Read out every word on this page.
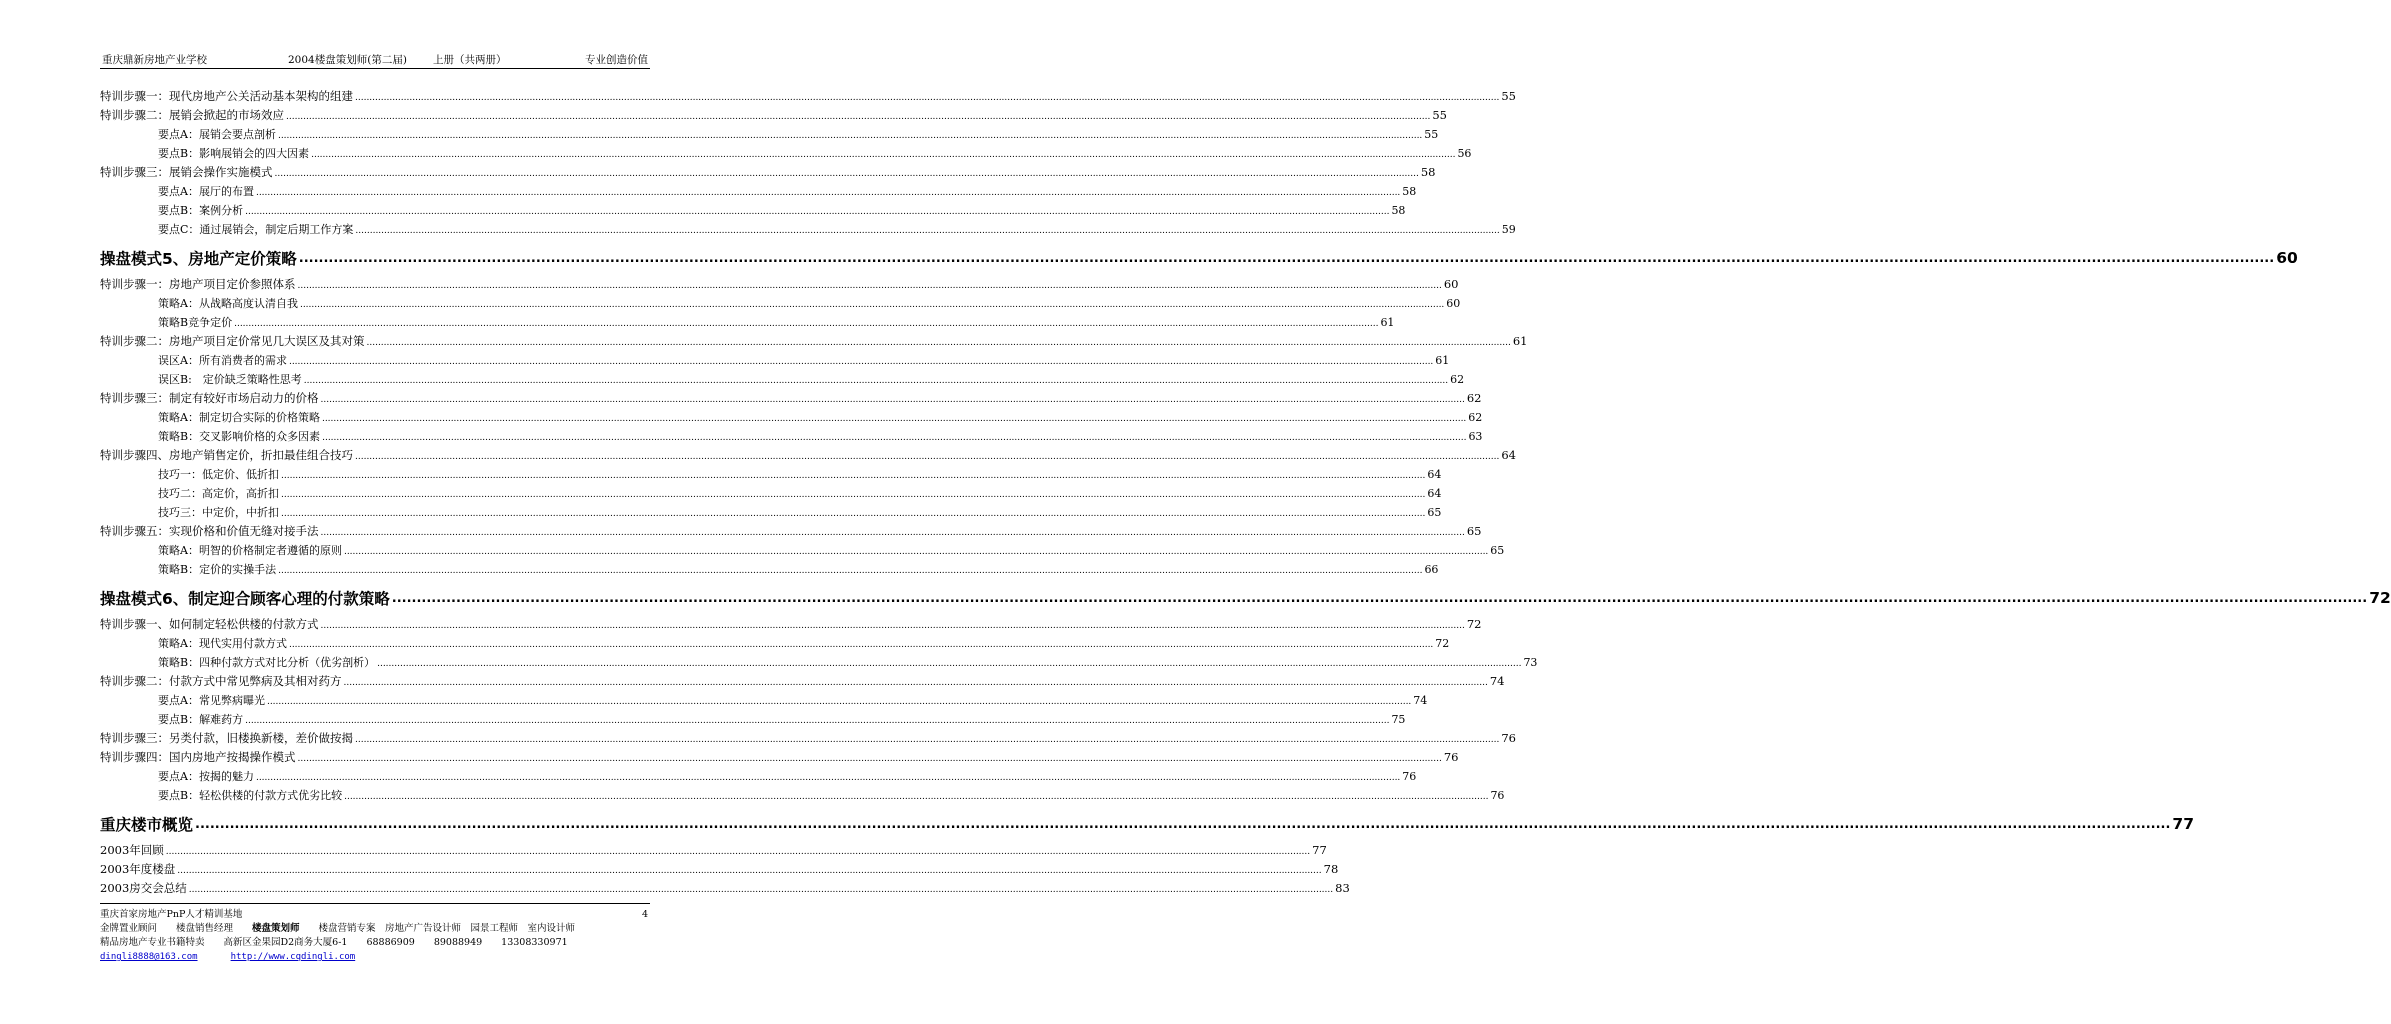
重庆鼎新房地产业学校	2004楼盘策划师(第二届) 上册（共两册）	专业创造价值
特训步骤一：现代房地产公关活动基本架构的组建 ................................................................................................................................................................................................................................................................................................................................................................................................................ 55
特训步骤二：展销会掀起的市场效应 ................................................................................................................................................................................................................................................................................................................................................................................................................ 55
要点A：展销会要点剖析 ................................................................................................................................................................................................................................................................................................................................................................................................................ 55
要点B：影响展销会的四大因素 ................................................................................................................................................................................................................................................................................................................................................................................................................ 56
特训步骤三：展销会操作实施模式 ................................................................................................................................................................................................................................................................................................................................................................................................................ 58
要点A：展厅的布置 ................................................................................................................................................................................................................................................................................................................................................................................................................ 58
要点B：案例分析 ................................................................................................................................................................................................................................................................................................................................................................................................................ 58
要点C：通过展销会，制定后期工作方案 ................................................................................................................................................................................................................................................................................................................................................................................................................ 59
操盘模式5、房地产定价策略 ................................................................................................................................................................................................................................................................................................................................................................................................................ 60
特训步骤一：房地产项目定价参照体系 ................................................................................................................................................................................................................................................................................................................................................................................................................ 60
策略A：从战略高度认清自我 ................................................................................................................................................................................................................................................................................................................................................................................................................ 60
策略B竞争定价 ................................................................................................................................................................................................................................................................................................................................................................................................................ 61
特训步骤二：房地产项目定价常见几大误区及其对策 ................................................................................................................................................................................................................................................................................................................................................................................................................ 61
误区A：所有消费者的需求 ................................................................................................................................................................................................................................................................................................................................................................................................................ 61
误区B:　定价缺乏策略性思考 ................................................................................................................................................................................................................................................................................................................................................................................................................ 62
特训步骤三：制定有较好市场启动力的价格 ................................................................................................................................................................................................................................................................................................................................................................................................................ 62
策略A：制定切合实际的价格策略 ................................................................................................................................................................................................................................................................................................................................................................................................................ 62
策略B：交叉影响价格的众多因素 ................................................................................................................................................................................................................................................................................................................................................................................................................ 63
特训步骤四、房地产销售定价，折扣最佳组合技巧 ................................................................................................................................................................................................................................................................................................................................................................................................................ 64
技巧一：低定价、低折扣 ................................................................................................................................................................................................................................................................................................................................................................................................................ 64
技巧二：高定价，高折扣 ................................................................................................................................................................................................................................................................................................................................................................................................................ 64
技巧三：中定价，中折扣 ................................................................................................................................................................................................................................................................................................................................................................................................................ 65
特训步骤五：实现价格和价值无缝对接手法 ................................................................................................................................................................................................................................................................................................................................................................................................................ 65
策略A：明智的价格制定者遵循的原则 ................................................................................................................................................................................................................................................................................................................................................................................................................ 65
策略B：定价的实操手法 ................................................................................................................................................................................................................................................................................................................................................................................................................ 66
操盘模式6、制定迎合顾客心理的付款策略 ................................................................................................................................................................................................................................................................................................................................................................................................................ 72
特训步骤一、如何制定轻松供楼的付款方式 ................................................................................................................................................................................................................................................................................................................................................................................................................ 72
策略A：现代实用付款方式 ................................................................................................................................................................................................................................................................................................................................................................................................................ 72
策略B：四种付款方式对比分析（优劣剖析） ................................................................................................................................................................................................................................................................................................................................................................................................................ 73
特训步骤二：付款方式中常见弊病及其相对药方 ................................................................................................................................................................................................................................................................................................................................................................................................................ 74
要点A：常见弊病曝光 ................................................................................................................................................................................................................................................................................................................................................................................................................ 74
要点B：解难药方 ................................................................................................................................................................................................................................................................................................................................................................................................................ 75
特训步骤三：另类付款，旧楼换新楼，差价做按揭 ................................................................................................................................................................................................................................................................................................................................................................................................................ 76
特训步骤四：国内房地产按揭操作模式 ................................................................................................................................................................................................................................................................................................................................................................................................................ 76
要点A：按揭的魅力 ................................................................................................................................................................................................................................................................................................................................................................................................................ 76
要点B：轻松供楼的付款方式优劣比较 ................................................................................................................................................................................................................................................................................................................................................................................................................ 76
重庆楼市概览 ................................................................................................................................................................................................................................................................................................................................................................................................................ 77
2003年回顾 ................................................................................................................................................................................................................................................................................................................................................................................................................ 77
2003年度楼盘 ................................................................................................................................................................................................................................................................................................................................................................................................................ 78
2003房交会总结 ................................................................................................................................................................................................................................................................................................................................................................................................................ 83
重庆首家房地产PnP人才精训基地	4
金牌置业顾问　　楼盘销售经理　　楼盘策划师　　楼盘营销专案　房地产广告设计师　园景工程师　室内设计师
精品房地产专业书籍特卖　　高新区金果园D2商务大厦6-1　　68886909　　89088949　　13308330971
dingli8888@163.com	http://www.cqdingli.com
